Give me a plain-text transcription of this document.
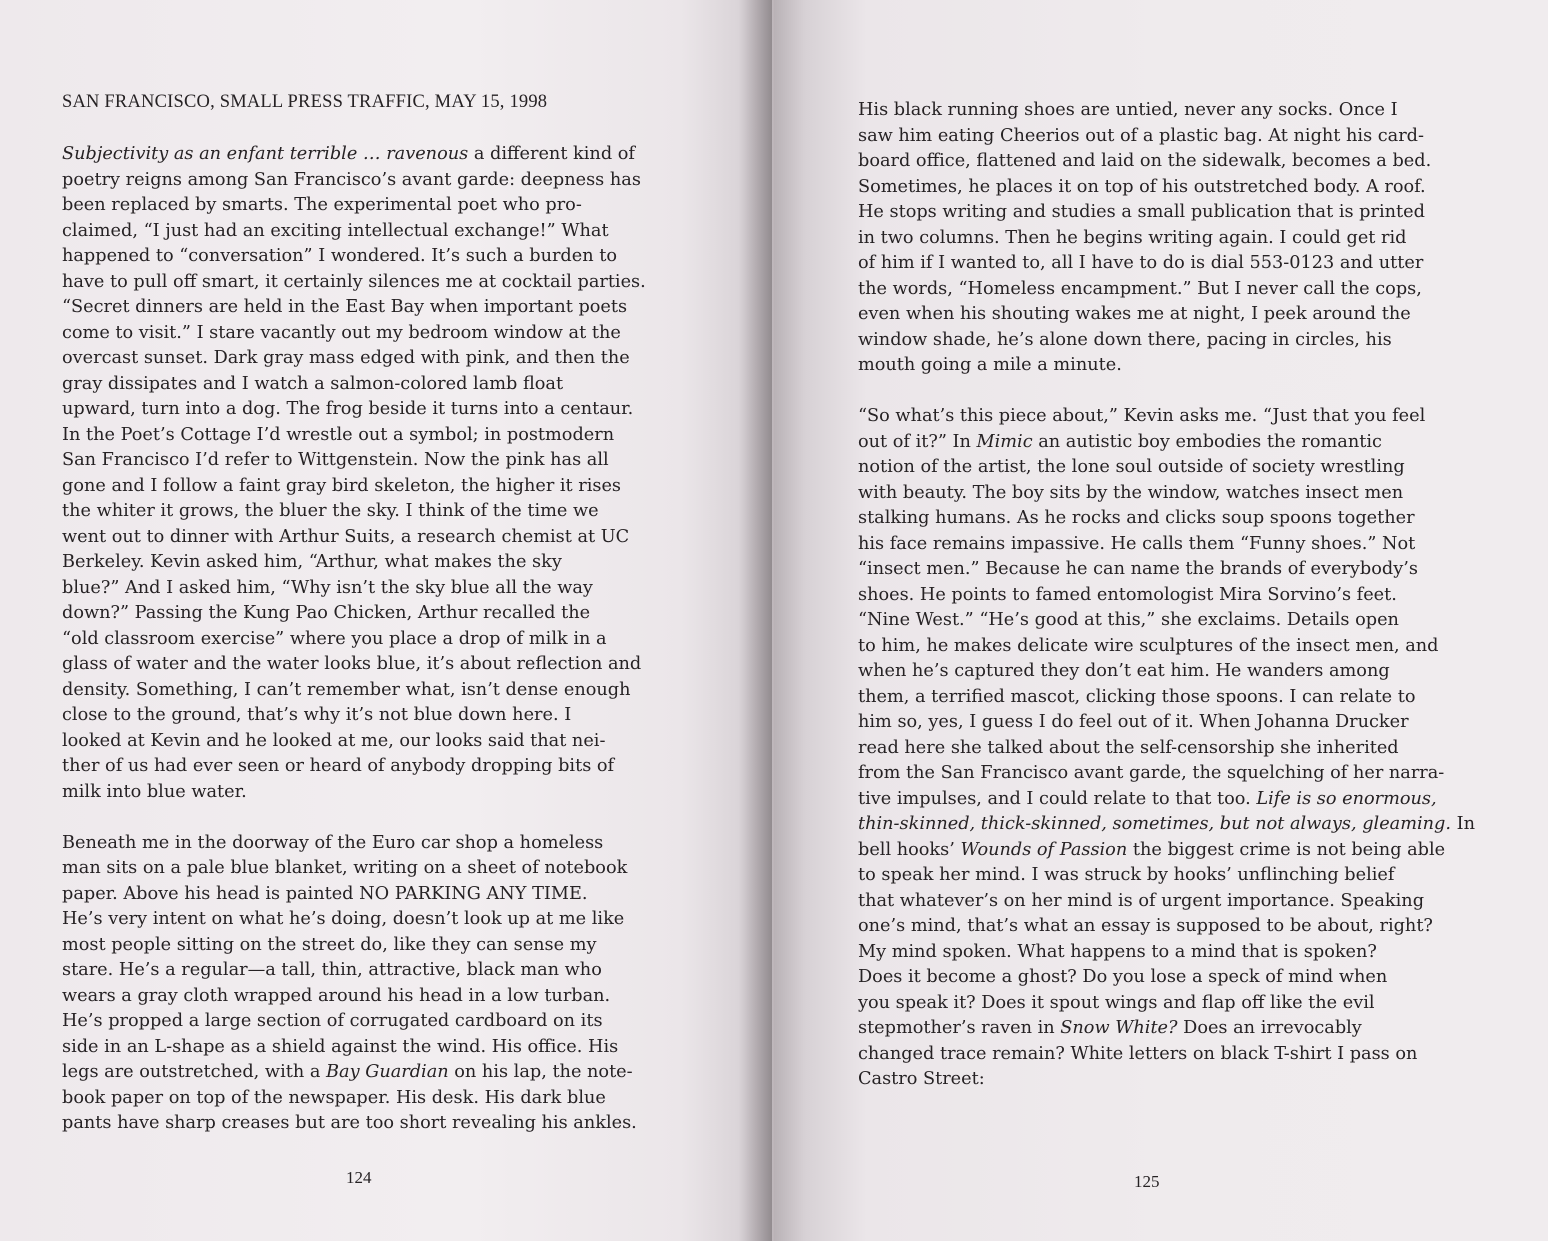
SAN FRANCISCO, SMALL PRESS TRAFFIC, MAY 15, 1998
Subjectivity as an enfant terrible … ravenous a different kind of
poetry reigns among San Francisco’s avant garde: deepness has
been replaced by smarts. The experimental poet who pro-
claimed, “I just had an exciting intellectual exchange!” What
happened to “conversation” I wondered. It’s such a burden to
have to pull off smart, it certainly silences me at cocktail parties.
“Secret dinners are held in the East Bay when important poets
come to visit.” I stare vacantly out my bedroom window at the
overcast sunset. Dark gray mass edged with pink, and then the
gray dissipates and I watch a salmon-colored lamb float
upward, turn into a dog. The frog beside it turns into a centaur.
In the Poet’s Cottage I’d wrestle out a symbol; in postmodern
San Francisco I’d refer to Wittgenstein. Now the pink has all
gone and I follow a faint gray bird skeleton, the higher it rises
the whiter it grows, the bluer the sky. I think of the time we
went out to dinner with Arthur Suits, a research chemist at UC
Berkeley. Kevin asked him, “Arthur, what makes the sky
blue?” And I asked him, “Why isn’t the sky blue all the way
down?” Passing the Kung Pao Chicken, Arthur recalled the
“old classroom exercise” where you place a drop of milk in a
glass of water and the water looks blue, it’s about reflection and
density. Something, I can’t remember what, isn’t dense enough
close to the ground, that’s why it’s not blue down here. I
looked at Kevin and he looked at me, our looks said that nei-
ther of us had ever seen or heard of anybody dropping bits of
milk into blue water.
Beneath me in the doorway of the Euro car shop a homeless
man sits on a pale blue blanket, writing on a sheet of notebook
paper. Above his head is painted NO PARKING ANY TIME.
He’s very intent on what he’s doing, doesn’t look up at me like
most people sitting on the street do, like they can sense my
stare. He’s a regular—a tall, thin, attractive, black man who
wears a gray cloth wrapped around his head in a low turban.
He’s propped a large section of corrugated cardboard on its
side in an L-shape as a shield against the wind. His office. His
legs are outstretched, with a Bay Guardian on his lap, the note-
book paper on top of the newspaper. His desk. His dark blue
pants have sharp creases but are too short revealing his ankles.
124
His black running shoes are untied, never any socks. Once I
saw him eating Cheerios out of a plastic bag. At night his card-
board office, flattened and laid on the sidewalk, becomes a bed.
Sometimes, he places it on top of his outstretched body. A roof.
He stops writing and studies a small publication that is printed
in two columns. Then he begins writing again. I could get rid
of him if I wanted to, all I have to do is dial 553-0123 and utter
the words, “Homeless encampment.” But I never call the cops,
even when his shouting wakes me at night, I peek around the
window shade, he’s alone down there, pacing in circles, his
mouth going a mile a minute.
“So what’s this piece about,” Kevin asks me. “Just that you feel
out of it?” In Mimic an autistic boy embodies the romantic
notion of the artist, the lone soul outside of society wrestling
with beauty. The boy sits by the window, watches insect men
stalking humans. As he rocks and clicks soup spoons together
his face remains impassive. He calls them “Funny shoes.” Not
“insect men.” Because he can name the brands of everybody’s
shoes. He points to famed entomologist Mira Sorvino’s feet.
“Nine West.” “He’s good at this,” she exclaims. Details open
to him, he makes delicate wire sculptures of the insect men, and
when he’s captured they don’t eat him. He wanders among
them, a terrified mascot, clicking those spoons. I can relate to
him so, yes, I guess I do feel out of it. When Johanna Drucker
read here she talked about the self-censorship she inherited
from the San Francisco avant garde, the squelching of her narra-
tive impulses, and I could relate to that too. Life is so enormous,
thin-skinned, thick-skinned, sometimes, but not always, gleaming. In
bell hooks’ Wounds of Passion the biggest crime is not being able
to speak her mind. I was struck by hooks’ unflinching belief
that whatever’s on her mind is of urgent importance. Speaking
one’s mind, that’s what an essay is supposed to be about, right?
My mind spoken. What happens to a mind that is spoken?
Does it become a ghost? Do you lose a speck of mind when
you speak it? Does it spout wings and flap off like the evil
stepmother’s raven in Snow White? Does an irrevocably
changed trace remain? White letters on black T-shirt I pass on
Castro Street:
125
